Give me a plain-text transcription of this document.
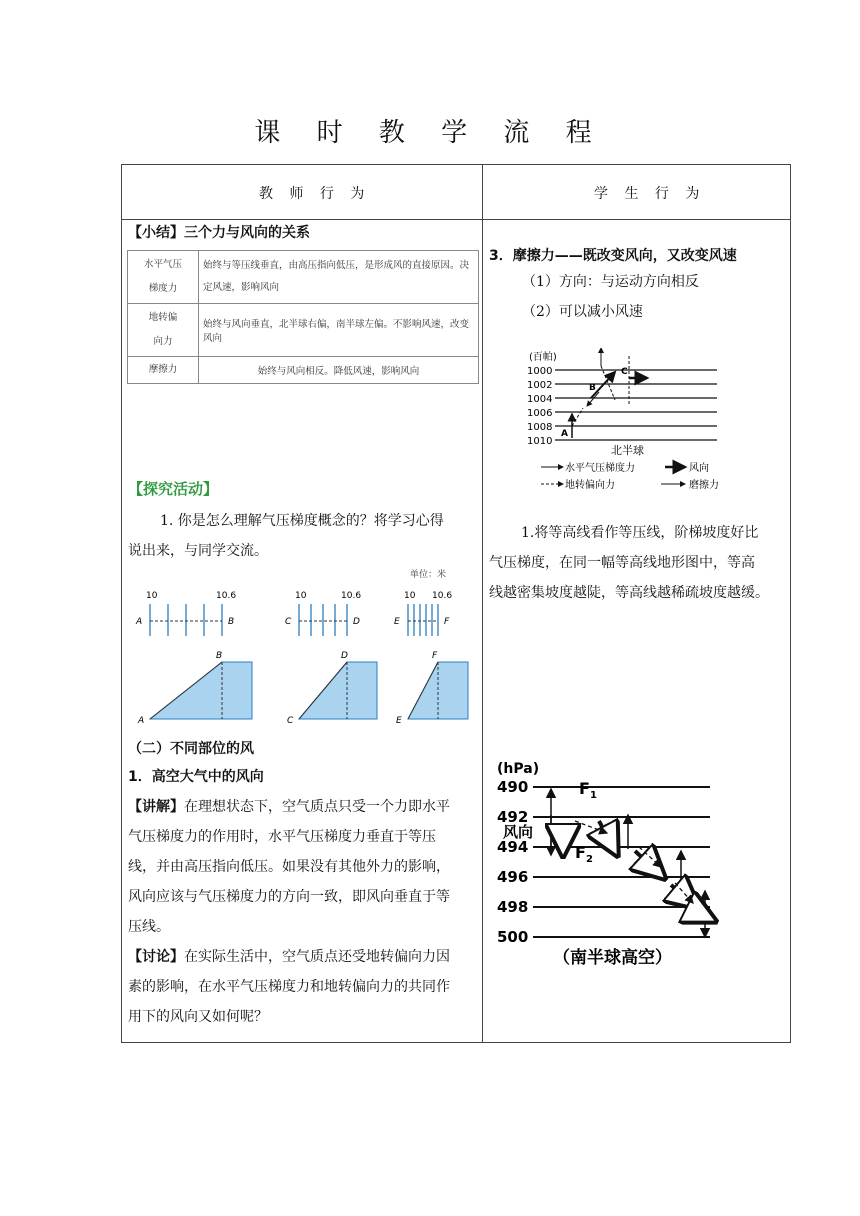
课 时 教 学 流 程
教 师 行 为	学 生 行 为
【小结】三个力与风向的关系
水平气压
梯度力	始终与等压线垂直，由高压指向低压，是形成风的直接原因。决定风速，影响风向

地转偏
向力	始终与风向垂直，北半球右偏，南半球左偏。不影响风速，改变风向

摩擦力	始终与风向相反。降低风速，影响风向
【探究活动】
1. 你是怎么理解气压梯度概念的？将学习心得
说出来，与同学交流。
单位：米
10	10.6
A	B
A
B
10	10.6
C	D
C
D
10 10.6
E	F
E
F
（二）不同部位的风
1．高空大气中的风向
【讲解】在理想状态下，空气质点只受一个力即水平
气压梯度力的作用时，水平气压梯度力垂直于等压
线，并由高压指向低压。如果没有其他外力的影响，
风向应该与气压梯度力的方向一致，即风向垂直于等
压线。
【讨论】在实际生活中，空气质点还受地转偏向力因
素的影响，在水平气压梯度力和地转偏向力的共同作
用下的风向又如何呢？
3．摩擦力——既改变风向，又改变风速
（1）方向：与运动方向相反
（2）可以减小风速
(百帕)
1000
1002
1004
1006
1008
1010
A
B
C
北半球
水平气压梯度力	风向
地转偏向力	磨擦力
1.将等高线看作等压线，阶梯坡度好比
气压梯度，在同一幅等高线地形图中，等高
线越密集坡度越陡，等高线越稀疏坡度越缓。
(hPa)
490
492
494
496
498
500
$F_1$
$F_2$
风向
（南半球高空）
